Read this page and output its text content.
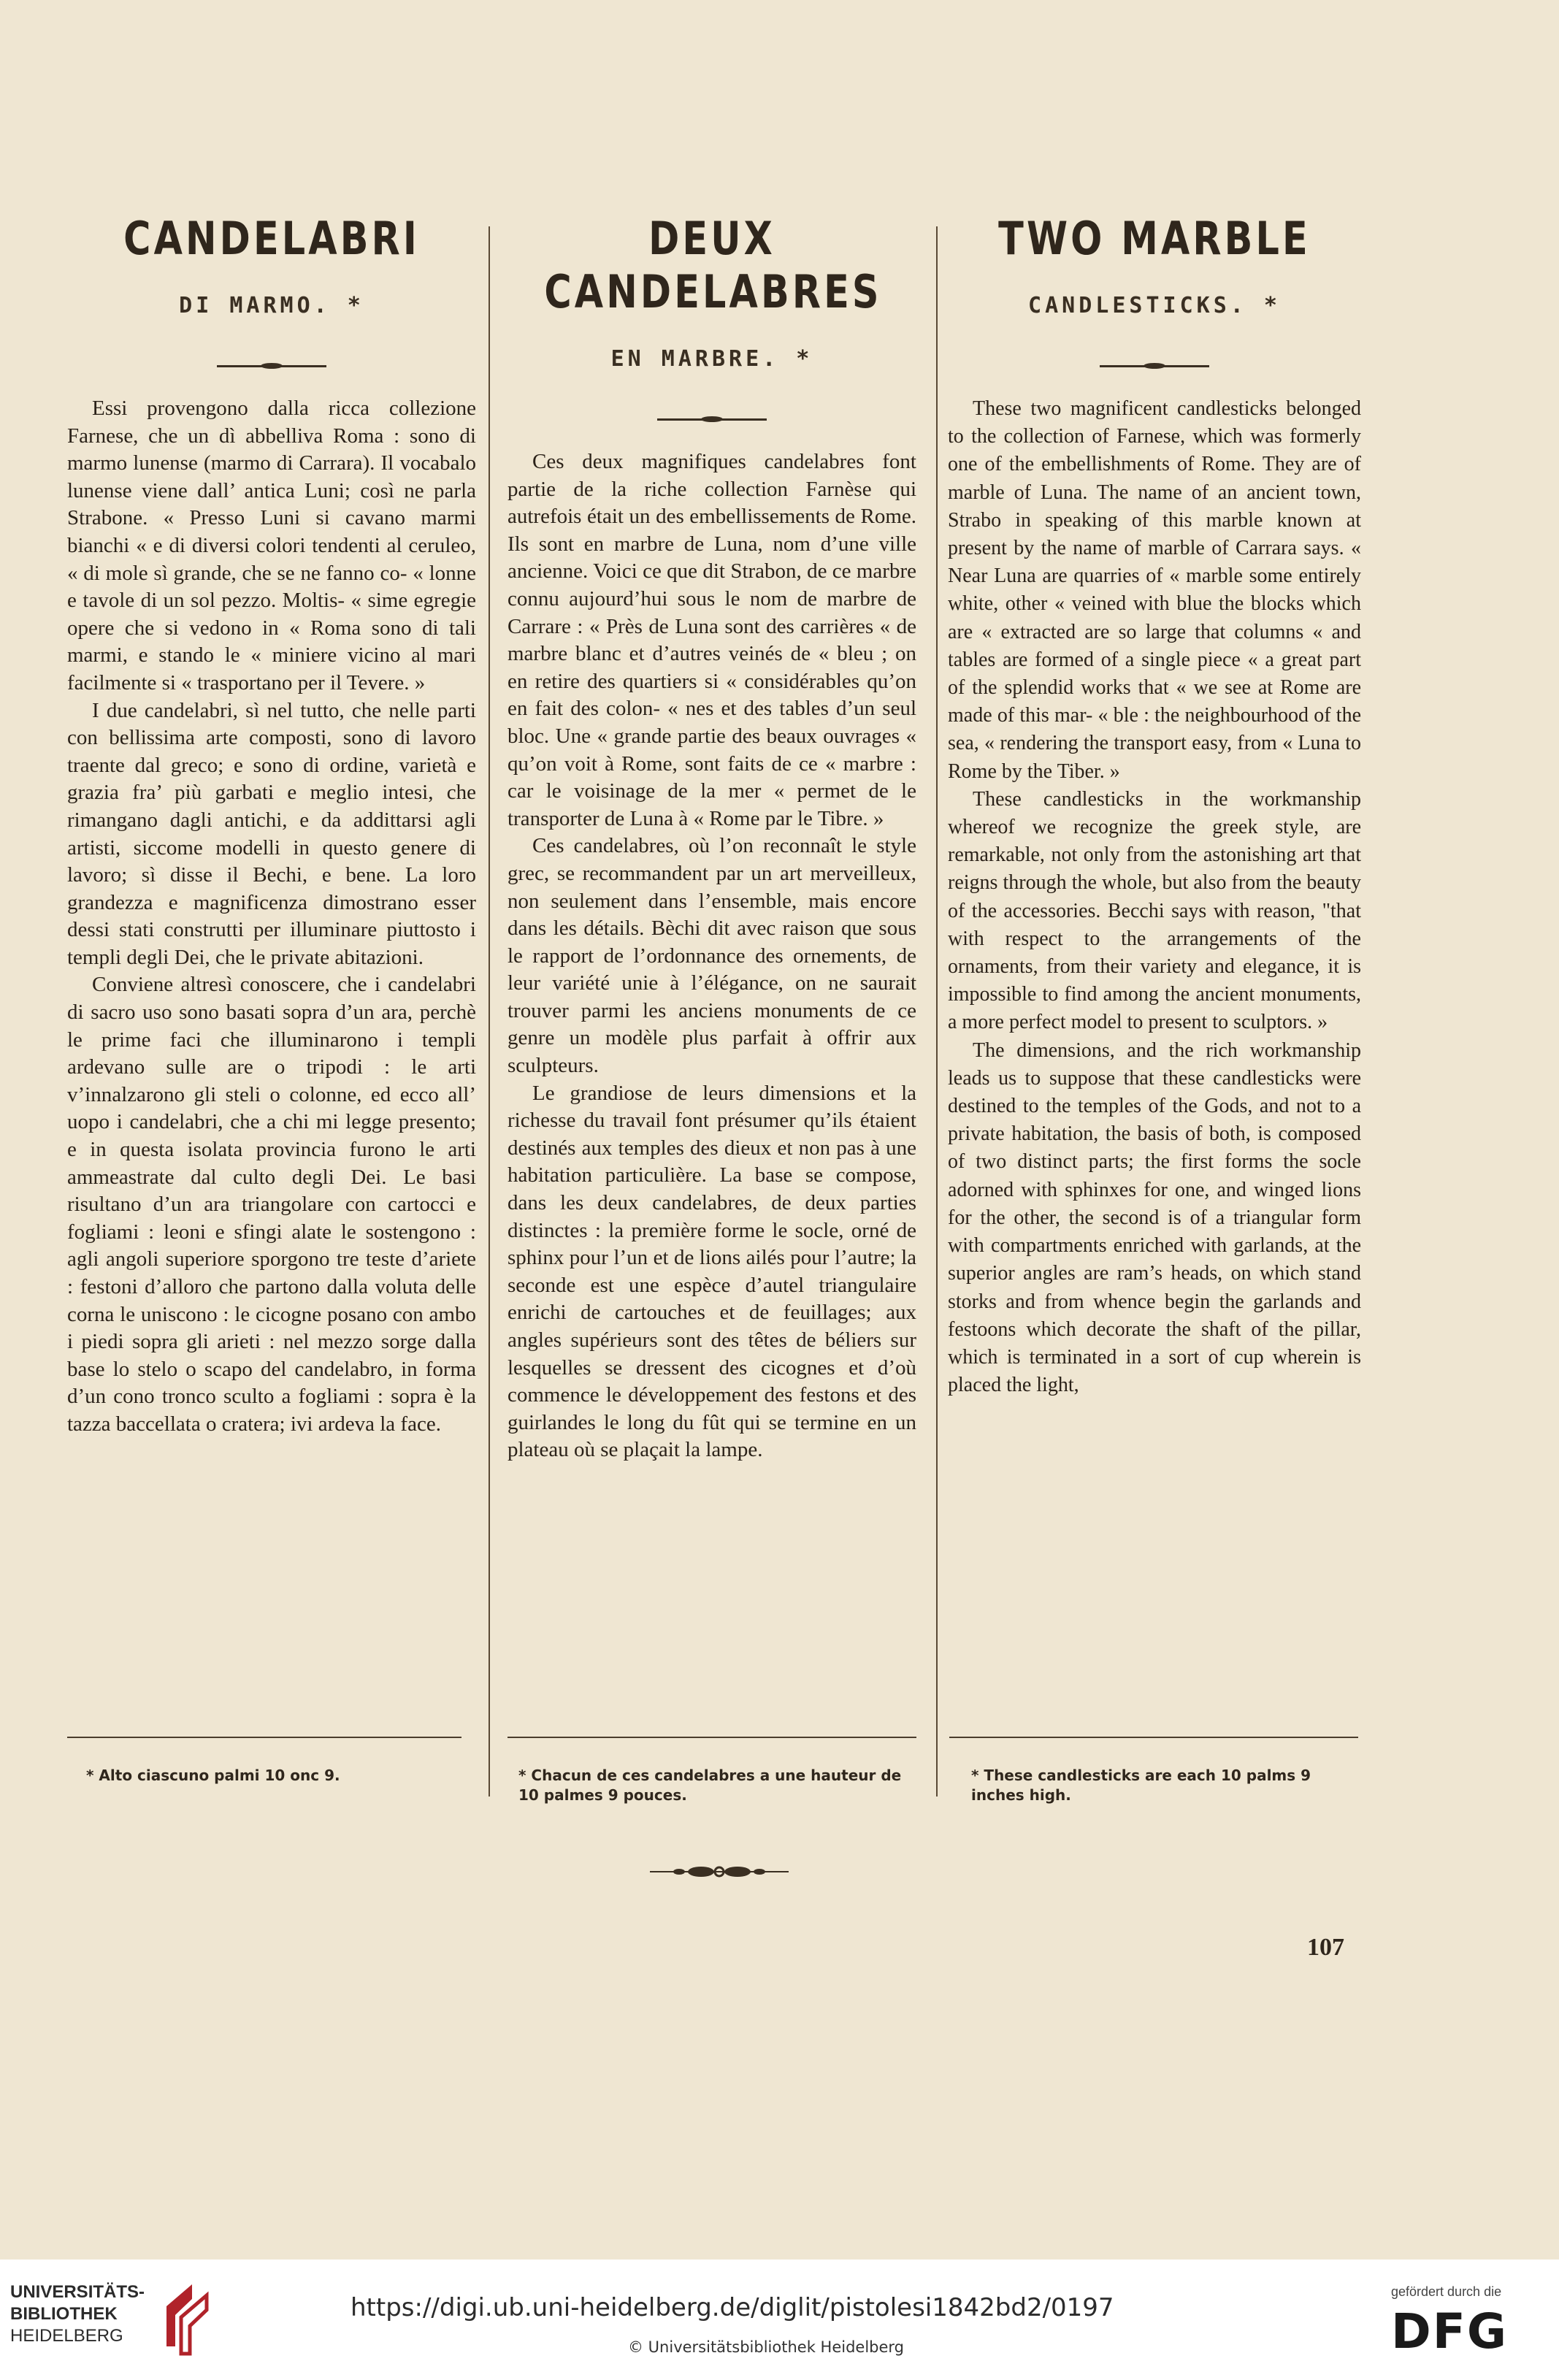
CANDELABRI
DI MARMO. *

Essi provengono dalla ricca collezione Farnese, che un dì abbelliva Roma : sono di marmo lunense (marmo di Carrara). Il vocabalo lunense viene dall’ antica Luni; così ne parla Strabone. « Presso Luni si cavano marmi bianchi « e di diversi colori tendenti al ceruleo, « di mole sì grande, che se ne fanno co- « lonne e tavole di un sol pezzo. Moltis- « sime egregie opere che si vedono in « Roma sono di tali marmi, e stando le « miniere vicino al mari facilmente si « trasportano per il Tevere. »

I due candelabri, sì nel tutto, che nelle parti con bellissima arte composti, sono di lavoro traente dal greco; e sono di ordine, varietà e grazia fra’ più garbati e meglio intesi, che rimangano dagli antichi, e da addittarsi agli artisti, siccome modelli in questo genere di lavoro; sì disse il Bechi, e bene. La loro grandezza e magnificenza dimostrano esser dessi stati construtti per illuminare piuttosto i templi degli Dei, che le private abitazioni.

Conviene altresì conoscere, che i candelabri di sacro uso sono basati sopra d’un ara, perchè le prime faci che illuminarono i templi ardevano sulle are o tripodi : le arti v’innalzarono gli steli o colonne, ed ecco all’ uopo i candelabri, che a chi mi legge presento; e in questa isolata provincia furono le arti ammeastrate dal culto degli Dei. Le basi risultano d’un ara triangolare con cartocci e fogliami : leoni e sfingi alate le sostengono : agli angoli superiore sporgono tre teste d’ariete : festoni d’alloro che partono dalla voluta delle corna le uniscono : le cicogne posano con ambo i piedi sopra gli arieti : nel mezzo sorge dalla base lo stelo o scapo del candelabro, in forma d’un cono tronco sculto a fogliami : sopra è la tazza baccellata o cratera; ivi ardeva la face.

DEUX CANDELABRES
EN MARBRE. *

Ces deux magnifiques candelabres font partie de la riche collection Farnèse qui autrefois était un des embellissements de Rome. Ils sont en marbre de Luna, nom d’une ville ancienne. Voici ce que dit Strabon, de ce marbre connu aujourd’hui sous le nom de marbre de Carrare : « Près de Luna sont des carrières « de marbre blanc et d’autres veinés de « bleu ; on en retire des quartiers si « considérables qu’on en fait des colon- « nes et des tables d’un seul bloc. Une « grande partie des beaux ouvrages « qu’on voit à Rome, sont faits de ce « marbre : car le voisinage de la mer « permet de le transporter de Luna à « Rome par le Tibre. »

Ces candelabres, où l’on reconnaît le style grec, se recommandent par un art merveilleux, non seulement dans l’ensemble, mais encore dans les détails. Bèchi dit avec raison que sous le rapport de l’ordonnance des ornements, de leur variété unie à l’élégance, on ne saurait trouver parmi les anciens monuments de ce genre un modèle plus parfait à offrir aux sculpteurs.

Le grandiose de leurs dimensions et la richesse du travail font présumer qu’ils étaient destinés aux temples des dieux et non pas à une habitation particulière. La base se compose, dans les deux candelabres, de deux parties distinctes : la première forme le socle, orné de sphinx pour l’un et de lions ailés pour l’autre; la seconde est une espèce d’autel triangulaire enrichi de cartouches et de feuillages; aux angles supérieurs sont des têtes de béliers sur lesquelles se dressent des cicognes et d’où commence le développement des festons et des guirlandes le long du fût qui se termine en un plateau où se plaçait la lampe.

TWO MARBLE
CANDLESTICKS. *

These two magnificent candlesticks belonged to the collection of Farnese, which was formerly one of the embellishments of Rome. They are of marble of Luna. The name of an ancient town, Strabo in speaking of this marble known at present by the name of marble of Carrara says. « Near Luna are quarries of « marble some entirely white, other « veined with blue the blocks which are « extracted are so large that columns « and tables are formed of a single piece « a great part of the splendid works that « we see at Rome are made of this mar- « ble : the neighbourhood of the sea, « rendering the transport easy, from « Luna to Rome by the Tiber. »

These candlesticks in the workmanship whereof we recognize the greek style, are remarkable, not only from the astonishing art that reigns through the whole, but also from the beauty of the accessories. Becchi says with reason, "that with respect to the arrangements of the ornaments, from their variety and elegance, it is impossible to find among the ancient monuments, a more perfect model to present to sculptors. »

The dimensions, and the rich workmanship leads us to suppose that these candlesticks were destined to the temples of the Gods, and not to a private habitation, the basis of both, is composed of two distinct parts; the first forms the socle adorned with sphinxes for one, and winged lions for the other, the second is of a triangular form with compartments enriched with garlands, at the superior angles are ram’s heads, on which stand storks and from whence begin the garlands and festoons which decorate the shaft of the pillar, which is terminated in a sort of cup wherein is placed the light,

* Alto ciascuno palmi 10 onc 9.	* Chacun de ces candelabres a une hauteur de 10 palmes 9 pouces.

* These candlesticks are each 10 palms 9 inches high.

107

UNIVERSITÄTS-
BIBLIOTHEK
HEIDELBERG

https://digi.ub.uni-heidelberg.de/diglit/pistolesi1842bd2/0197

© Universitätsbibliothek Heidelberg

gefördert durch die

DFG
